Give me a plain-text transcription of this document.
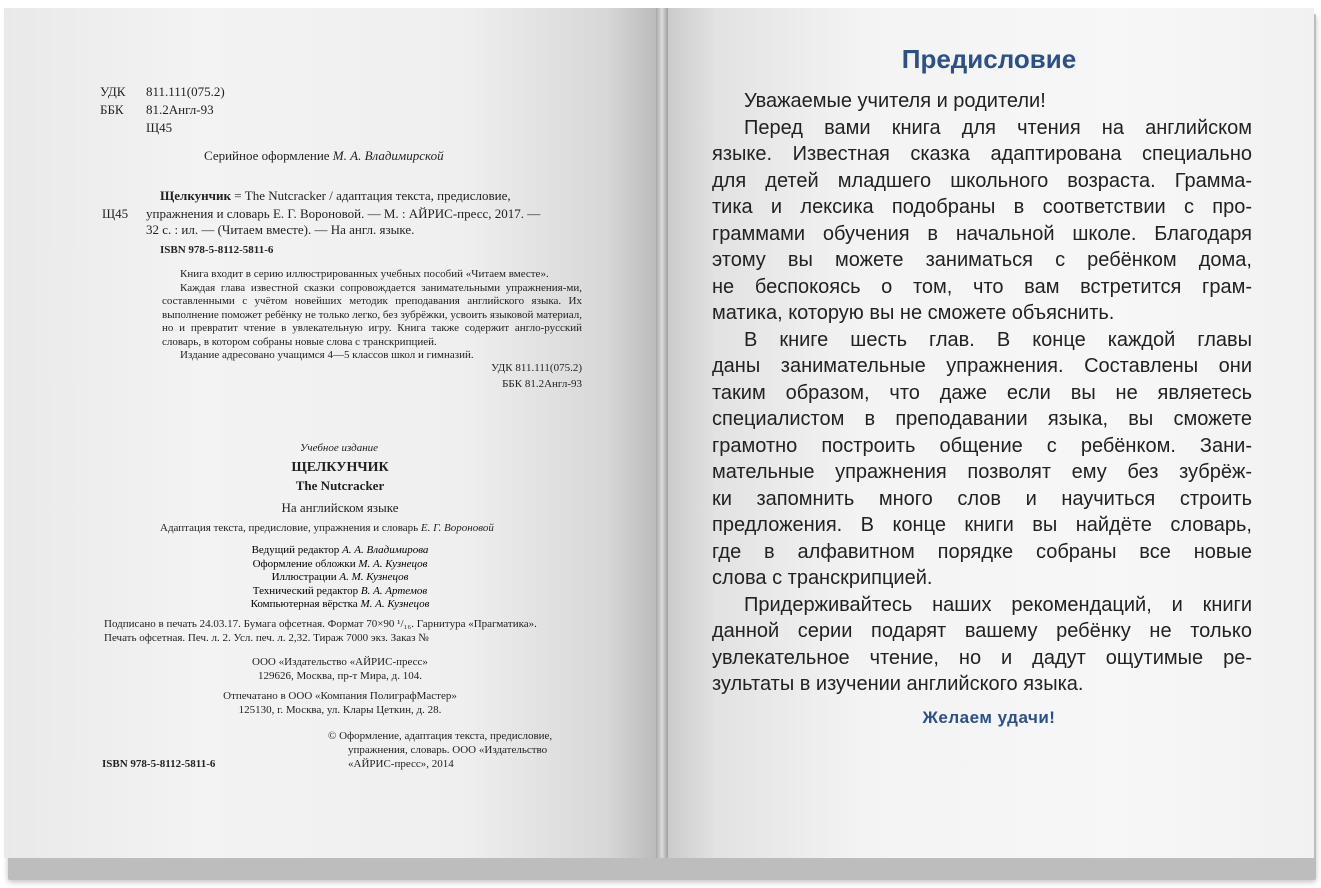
УДК 811.111(075.2)
ББК 81.2Англ-93
Щ45
Серийное оформление М. А. Владимирской
Щ45
Щелкунчик = The Nutcracker / адаптация текста, предисловие,
упражнения и словарь Е. Г. Вороновой. — М. : АЙРИС-пресс, 2017. —
32 с. : ил. — (Читаем вместе). — На англ. языке.
ISBN 978-5-8112-5811-6

Книга входит в серию иллюстрированных учебных пособий «Читаем вместе».

Каждая глава известной сказки сопровождается занимательными упражнения-ми, составленными с учётом новейших методик преподавания английского языка. Их выполнение поможет ребёнку не только легко, без зубрёжки, усвоить языковой материал, но и превратит чтение в увлекательную игру. Книга также содержит англо-русский словарь, в котором собраны новые слова с транскрипцией.

Издание адресовано учащимся 4—5 классов школ и гимназий.

УДК 811.111(075.2)
ББК 81.2Англ-93
Учебное издание
ЩЕЛКУНЧИК
The Nutcracker
На английском языке
Адаптация текста, предисловие, упражнения и словарь Е. Г. Вороновой
Ведущий редактор А. А. Владимирова
Оформление обложки М. А. Кузнецов
Иллюстрации А. М. Кузнецов
Технический редактор В. А. Артемов
Компьютерная вёрстка М. А. Кузнецов
Подписано в печать 24.03.17. Бумага офсетная. Формат 70×90 ¹/₁₆. Гарнитура «Прагматика».
Печать офсетная. Печ. л. 2. Усл. печ. л. 2,32. Тираж 7000 экз. Заказ №
ООО «Издательство «АЙРИС-пресс»
129626, Москва, пр-т Мира, д. 104.
Отпечатано в ООО «Компания ПолиграфМастер»
125130, г. Москва, ул. Клары Цеткин, д. 28.
© Оформление, адаптация текста, предисловие,
упражнения, словарь. ООО «Издательство
«АЙРИС-пресс», 2014
ISBN 978-5-8112-5811-6
Предисловие
Уважаемые учителя и родители!
Перед вами книга для чтения на английском
языке. Известная сказка адаптирована специально
для детей младшего школьного возраста. Грамма-
тика и лексика подобраны в соответствии с про-
граммами обучения в начальной школе. Благодаря
этому вы можете заниматься с ребёнком дома,
не беспокоясь о том, что вам встретится грам-
матика, которую вы не сможете объяснить.
В книге шесть глав. В конце каждой главы
даны занимательные упражнения. Составлены они
таким образом, что даже если вы не являетесь
специалистом в преподавании языка, вы сможете
грамотно построить общение с ребёнком. Зани-
мательные упражнения позволят ему без зубрёж-
ки запомнить много слов и научиться строить
предложения. В конце книги вы найдёте словарь,
где в алфавитном порядке собраны все новые
слова с транскрипцией.
Придерживайтесь наших рекомендаций, и книги
данной серии подарят вашему ребёнку не только
увлекательное чтение, но и дадут ощутимые ре-
зультаты в изучении английского языка.
Желаем удачи!
